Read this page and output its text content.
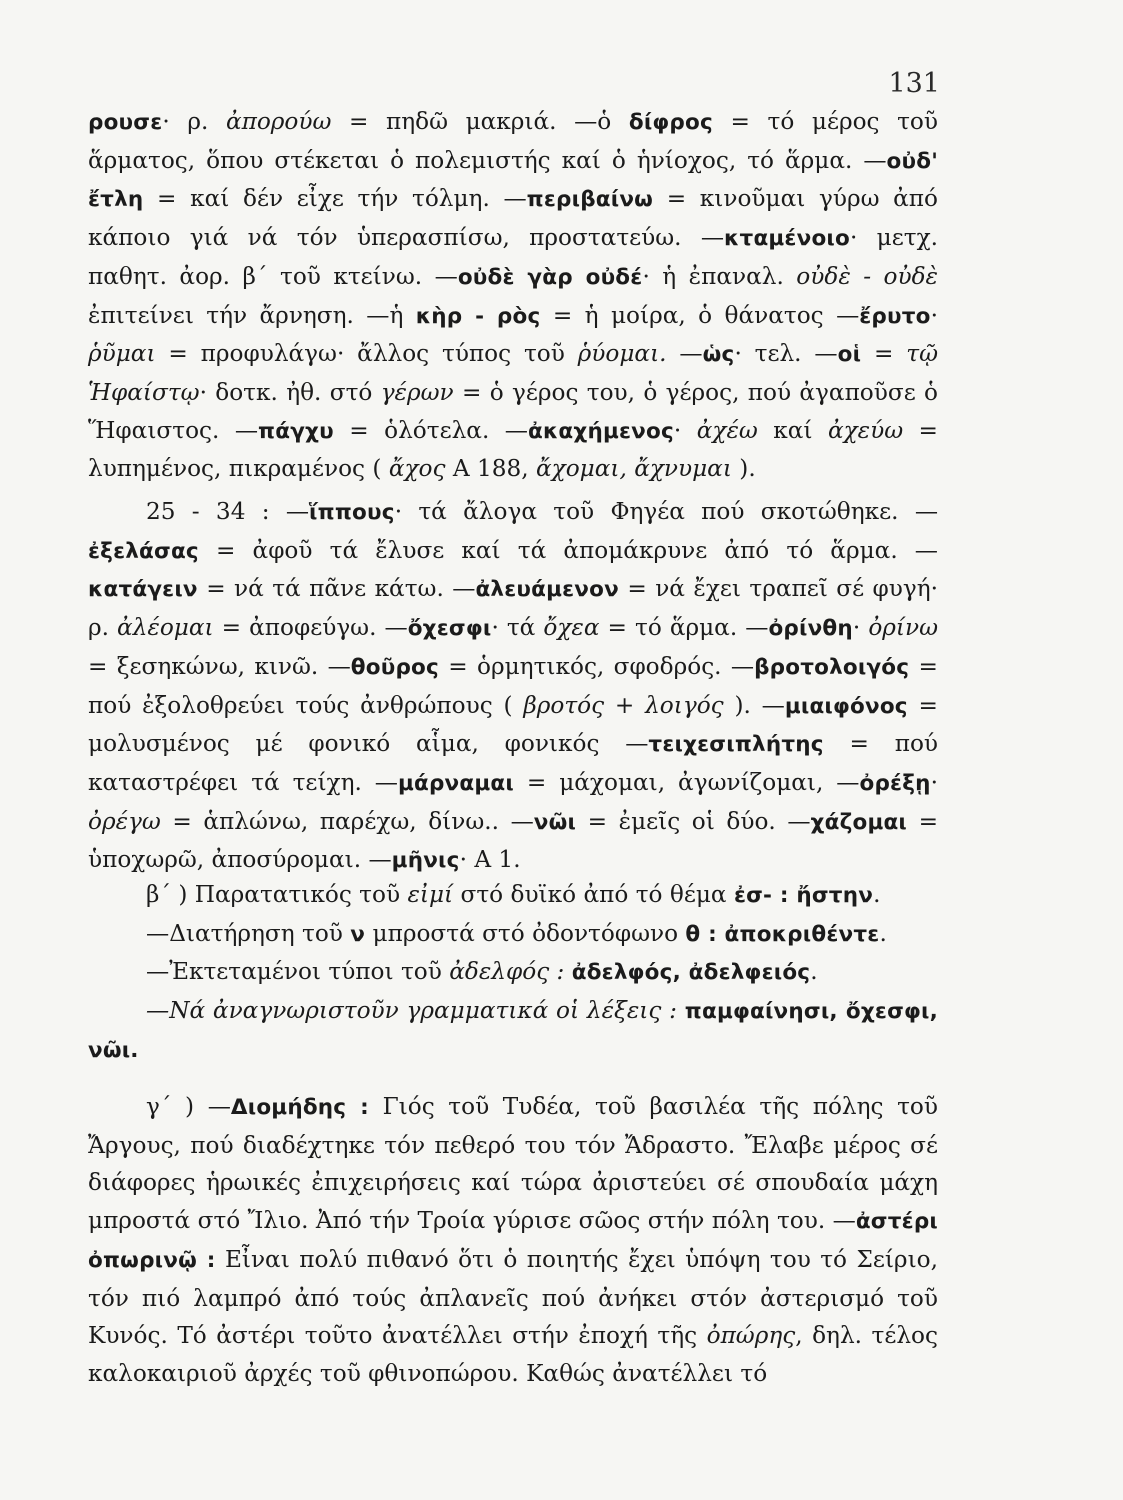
131

ρουσε· ρ. ἀπορούω = πηδῶ μακριά. —ὁ δίφρος = τό μέρος τοῦ ἅρματος, ὅπου στέκεται ὁ πολεμιστής καί ὁ ἡνίοχος, τό ἅρμα. —οὐδ' ἔτλη = καί δέν εἶχε τήν τόλμη. —περιβαίνω = κινοῦμαι γύρω ἀπό κάποιο γιά νά τόν ὑπερασπίσω, προστατεύω. —κταμένοιο· μετχ. παθητ. ἀορ. β΄ τοῦ κτείνω. —οὐδὲ γὰρ οὐδέ· ἡ ἐπαναλ. οὐδὲ - οὐδὲ ἐπιτείνει τήν ἄρνηση. —ἡ κὴρ - ρὸς = ἡ μοίρα, ὁ θάνατος —ἔρυτο· ῥῦμαι = προφυλάγω· ἄλλος τύπος τοῦ ῥύομαι. —ὡς· τελ. —οἱ = τῷ Ἡφαίστῳ· δοτκ. ἠθ. στό γέρων = ὁ γέρος του, ὁ γέρος, πού ἀγαποῦσε ὁ Ἥφαιστος. —πάγχυ = ὁλότελα. —ἀκαχήμενος· ἀχέω καί ἀχεύω = λυπημένος, πικραμένος ( ἄχος Α 188, ἄχομαι, ἄχνυμαι ).

25 - 34 : —ἵππους· τά ἄλογα τοῦ Φηγέα πού σκοτώθηκε. —ἐξελάσας = ἀφοῦ τά ἔλυσε καί τά ἀπομάκρυνε ἀπό τό ἅρμα. —κατάγειν = νά τά πᾶνε κάτω. —ἀλευάμενον = νά ἔχει τραπεῖ σέ φυγή· ρ. ἀλέομαι = ἀποφεύγω. —ὄχεσφι· τά ὄχεα = τό ἅρμα. —ὀρίνθη· ὀρίνω = ξεσηκώνω, κινῶ. —θοῦρος = ὁρμητικός, σφοδρός. —βροτολοιγός = πού ἐξολοθρεύει τούς ἀνθρώπους ( βροτός + λοιγός ). —μιαιφόνος = μολυσμένος μέ φονικό αἷμα, φονικός —τειχεσιπλήτης = πού καταστρέφει τά τείχη. —μάρναμαι = μάχομαι, ἀγωνίζομαι, —ὀρέξῃ· ὀρέγω = ἁπλώνω, παρέχω, δίνω.. —νῶι = ἐμεῖς οἱ δύο. —χάζομαι = ὑποχωρῶ, ἀποσύρομαι. —μῆνις· Α 1.

β΄ ) Παρατατικός τοῦ εἰμί στό δυϊκό ἀπό τό θέμα ἐσ- : ἤστην.
—Διατήρηση τοῦ ν μπροστά στό ὀδοντόφωνο θ : ἀποκριθέντε.
—Ἐκτεταμένοι τύποι τοῦ ἀδελφός : ἀδελφός, ἀδελφειός.
—Νά ἀναγνωριστοῦν γραμματικά οἱ λέξεις : παμφαίνησι, ὄχεσφι, νῶι.

γ΄ ) —Διομήδης : Γιός τοῦ Τυδέα, τοῦ βασιλέα τῆς πόλης τοῦ Ἄργους, πού διαδέχτηκε τόν πεθερό του τόν Ἄδραστο. Ἔλαβε μέρος σέ διάφορες ἡρωικές ἐπιχειρήσεις καί τώρα ἀριστεύει σέ σπουδαία μάχη μπροστά στό Ἴλιο. Ἀπό τήν Τροία γύρισε σῶος στήν πόλη του. —ἀστέρι ὀπωρινῷ : Εἶναι πολύ πιθανό ὅτι ὁ ποιητής ἔχει ὑπόψη του τό Σείριο, τόν πιό λαμπρό ἀπό τούς ἀπλανεῖς πού ἀνήκει στόν ἀστερισμό τοῦ Κυνός. Τό ἀστέρι τοῦτο ἀνατέλλει στήν ἐποχή τῆς ὀπώρης, δηλ. τέλος καλοκαιριοῦ ἀρχές τοῦ φθινοπώρου. Καθώς ἀνατέλλει τό
